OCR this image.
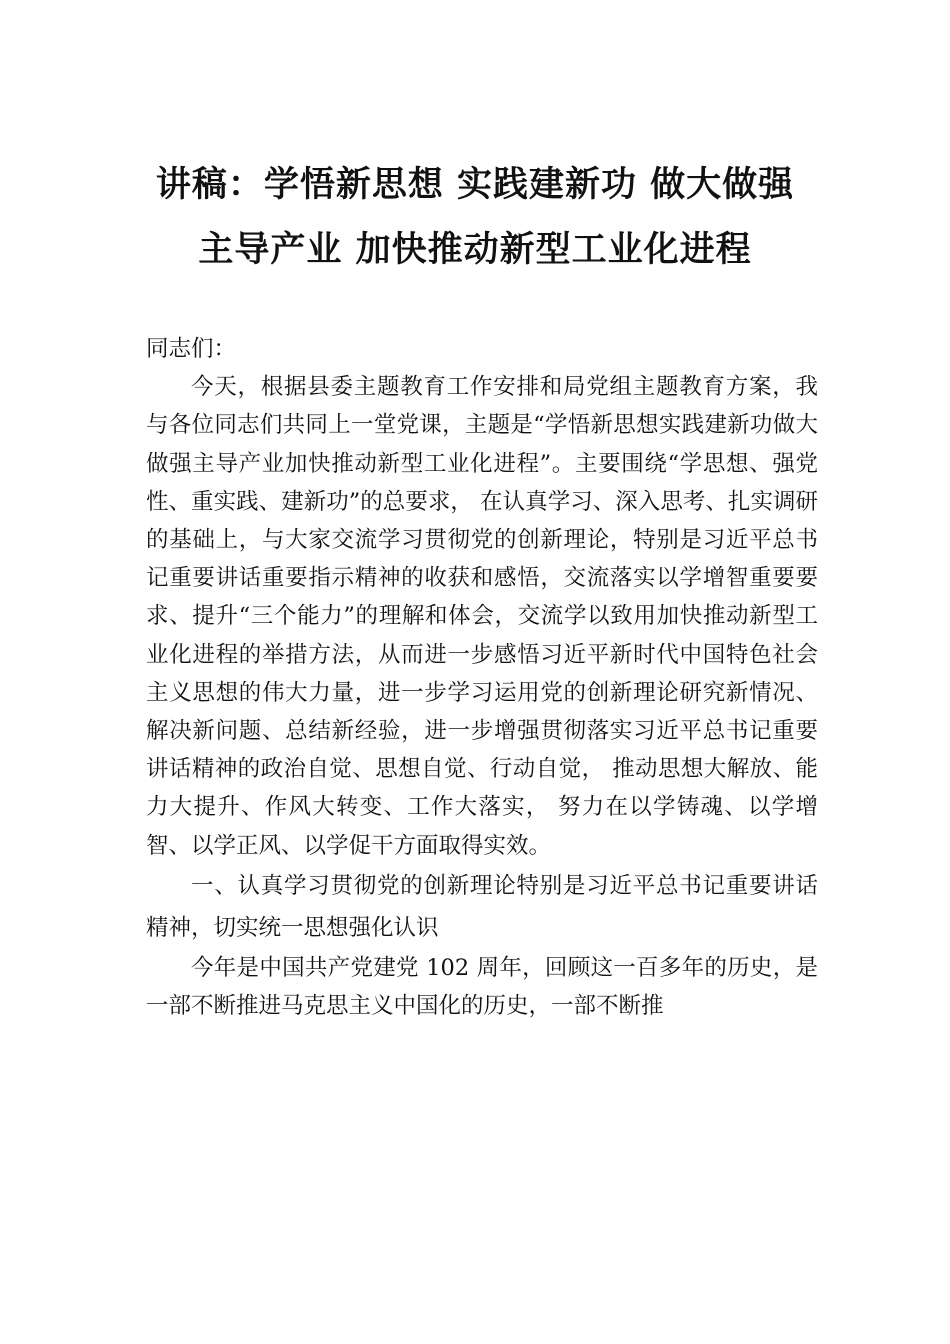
讲稿：学悟新思想 实践建新功 做大做强
主导产业 加快推动新型工业化进程

同志们：

今天，根据县委主题教育工作安排和局党组主题教育方案，我与各位同志们共同上一堂党课，主题是“学悟新思想实践建新功做大做强主导产业加快推动新型工业化进程”。主要围绕“学思想、强党性、重实践、建新功”的总要求， 在认真学习、深入思考、扎实调研的基础上，与大家交流学习贯彻党的创新理论，特别是习近平总书记重要讲话重要指示精神的收获和感悟，交流落实以学增智重要要求、提升“三个能力”的理解和体会，交流学以致用加快推动新型工业化进程的举措方法，从而进一步感悟习近平新时代中国特色社会主义思想的伟大力量，进一步学习运用党的创新理论研究新情况、解决新问题、总结新经验，进一步增强贯彻落实习近平总书记重要讲话精神的政治自觉、思想自觉、行动自觉， 推动思想大解放、能力大提升、作风大转变、工作大落实， 努力在以学铸魂、以学增智、以学正风、以学促干方面取得实效。

一、认真学习贯彻党的创新理论特别是习近平总书记重要讲话精神，切实统一思想强化认识

今年是中国共产党建党 102 周年，回顾这一百多年的历史，是一部不断推进马克思主义中国化的历史，一部不断推
